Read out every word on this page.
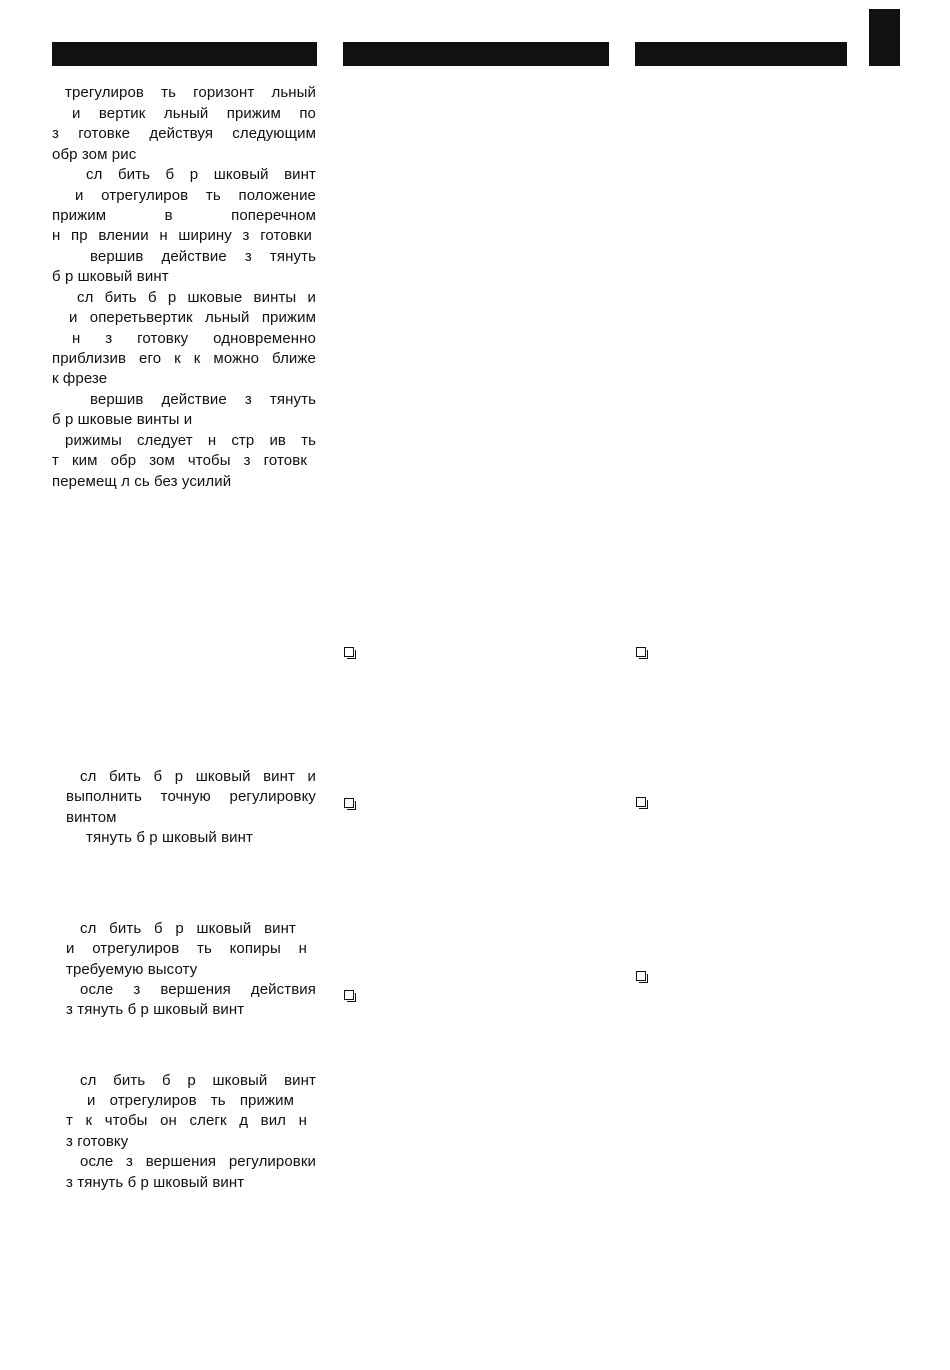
трегулиров ть горизонт льный
и вертик льный прижим по
з готовке действуя следующим
обр зом рис
сл бить б р шковый винт
и отрегулиров ть положение
прижим в поперечном
н пр влении н ширину з готовки
вершив действие з тянуть
б р шковый винт
сл бить б р шковые винты и
и оперетьвертик льный прижим
н з готовку одновременно
приблизив его к к можно ближе
к фрезе
вершив действие з тянуть
б р шковые винты и
рижимы следует н стр ив ть
т ким обр зом чтобы з готовк
перемещ л сь без усилий
сл бить б р шковый винт и
выполнить точную регулировку
винтом
тянуть б р шковый винт
сл бить б р шковый винт
и отрегулиров ть копиры н
требуемую высоту
осле з вершения действия
з тянуть б р шковый винт
сл бить б р шковый винт
и отрегулиров ть прижим
т к чтобы он слегк д вил н
з готовку
осле з вершения регулировки
з тянуть б р шковый винт
